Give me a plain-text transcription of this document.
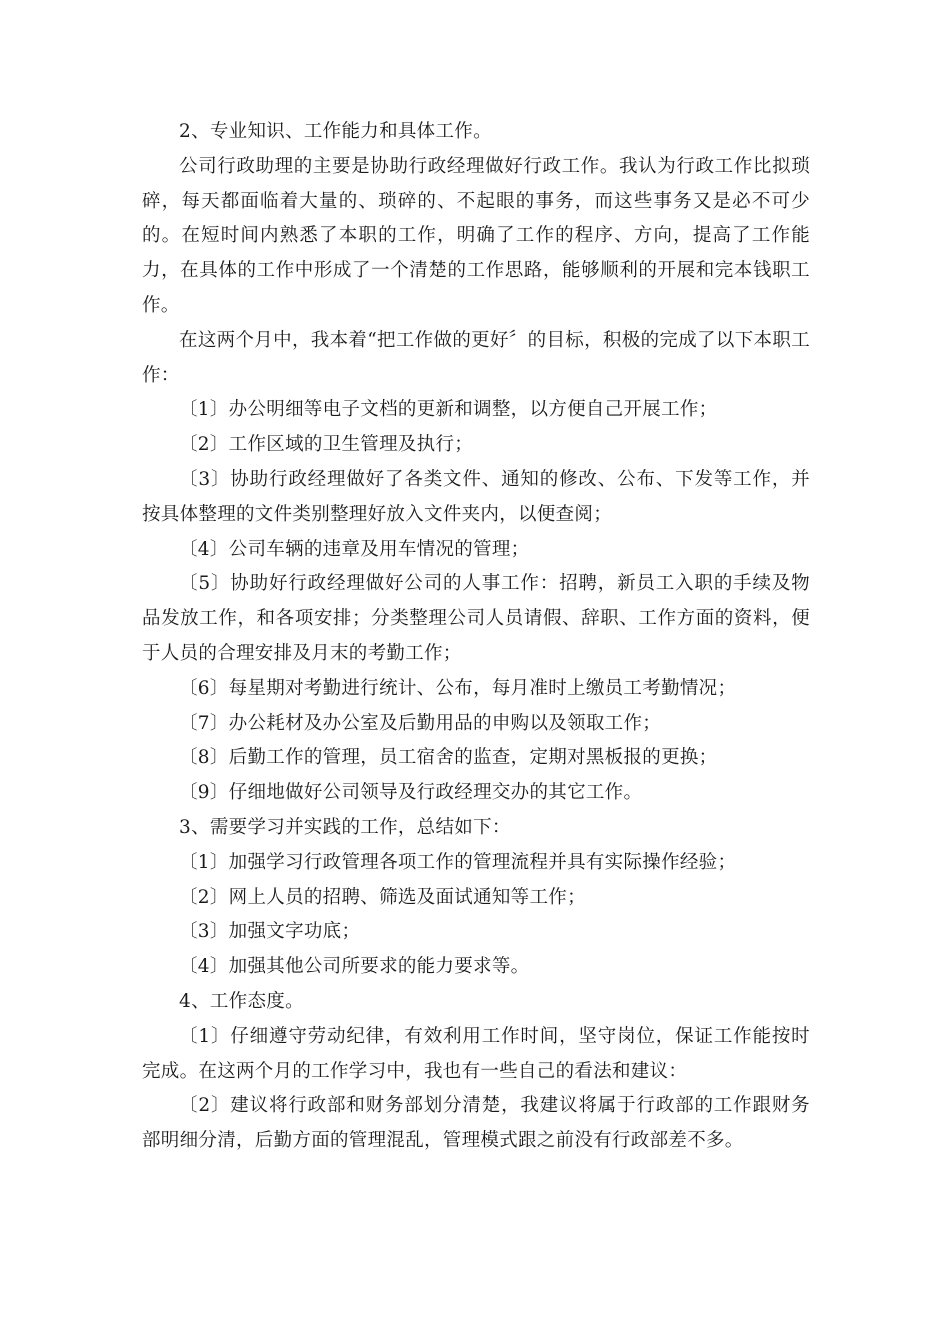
2、专业知识、工作能力和具体工作。

公司行政助理的主要是协助行政经理做好行政工作。我认为行政工作比拟琐碎，每天都面临着大量的、琐碎的、不起眼的事务，而这些事务又是必不可少的。在短时间内熟悉了本职的工作，明确了工作的程序、方向，提高了工作能力，在具体的工作中形成了一个清楚的工作思路，能够顺利的开展和完本钱职工作。

在这两个月中，我本着“把工作做的更好〞的目标，积极的完成了以下本职工作：

〔1〕办公明细等电子文档的更新和调整，以方便自己开展工作；

〔2〕工作区域的卫生管理及执行；

〔3〕协助行政经理做好了各类文件、通知的修改、公布、下发等工作，并按具体整理的文件类别整理好放入文件夹内，以便查阅；

〔4〕公司车辆的违章及用车情况的管理；

〔5〕协助好行政经理做好公司的人事工作：招聘，新员工入职的手续及物品发放工作，和各项安排；分类整理公司人员请假、辞职、工作方面的资料，便于人员的合理安排及月末的考勤工作；

〔6〕每星期对考勤进行统计、公布，每月准时上缴员工考勤情况；

〔7〕办公耗材及办公室及后勤用品的申购以及领取工作；

〔8〕后勤工作的管理，员工宿舍的监查，定期对黑板报的更换；

〔9〕仔细地做好公司领导及行政经理交办的其它工作。

3、需要学习并实践的工作，总结如下：

〔1〕加强学习行政管理各项工作的管理流程并具有实际操作经验；

〔2〕网上人员的招聘、筛选及面试通知等工作；

〔3〕加强文字功底；

〔4〕加强其他公司所要求的能力要求等。

4、工作态度。

〔1〕仔细遵守劳动纪律，有效利用工作时间，坚守岗位，保证工作能按时完成。在这两个月的工作学习中，我也有一些自己的看法和建议：

〔2〕建议将行政部和财务部划分清楚，我建议将属于行政部的工作跟财务部明细分清，后勤方面的管理混乱，管理模式跟之前没有行政部差不多。
